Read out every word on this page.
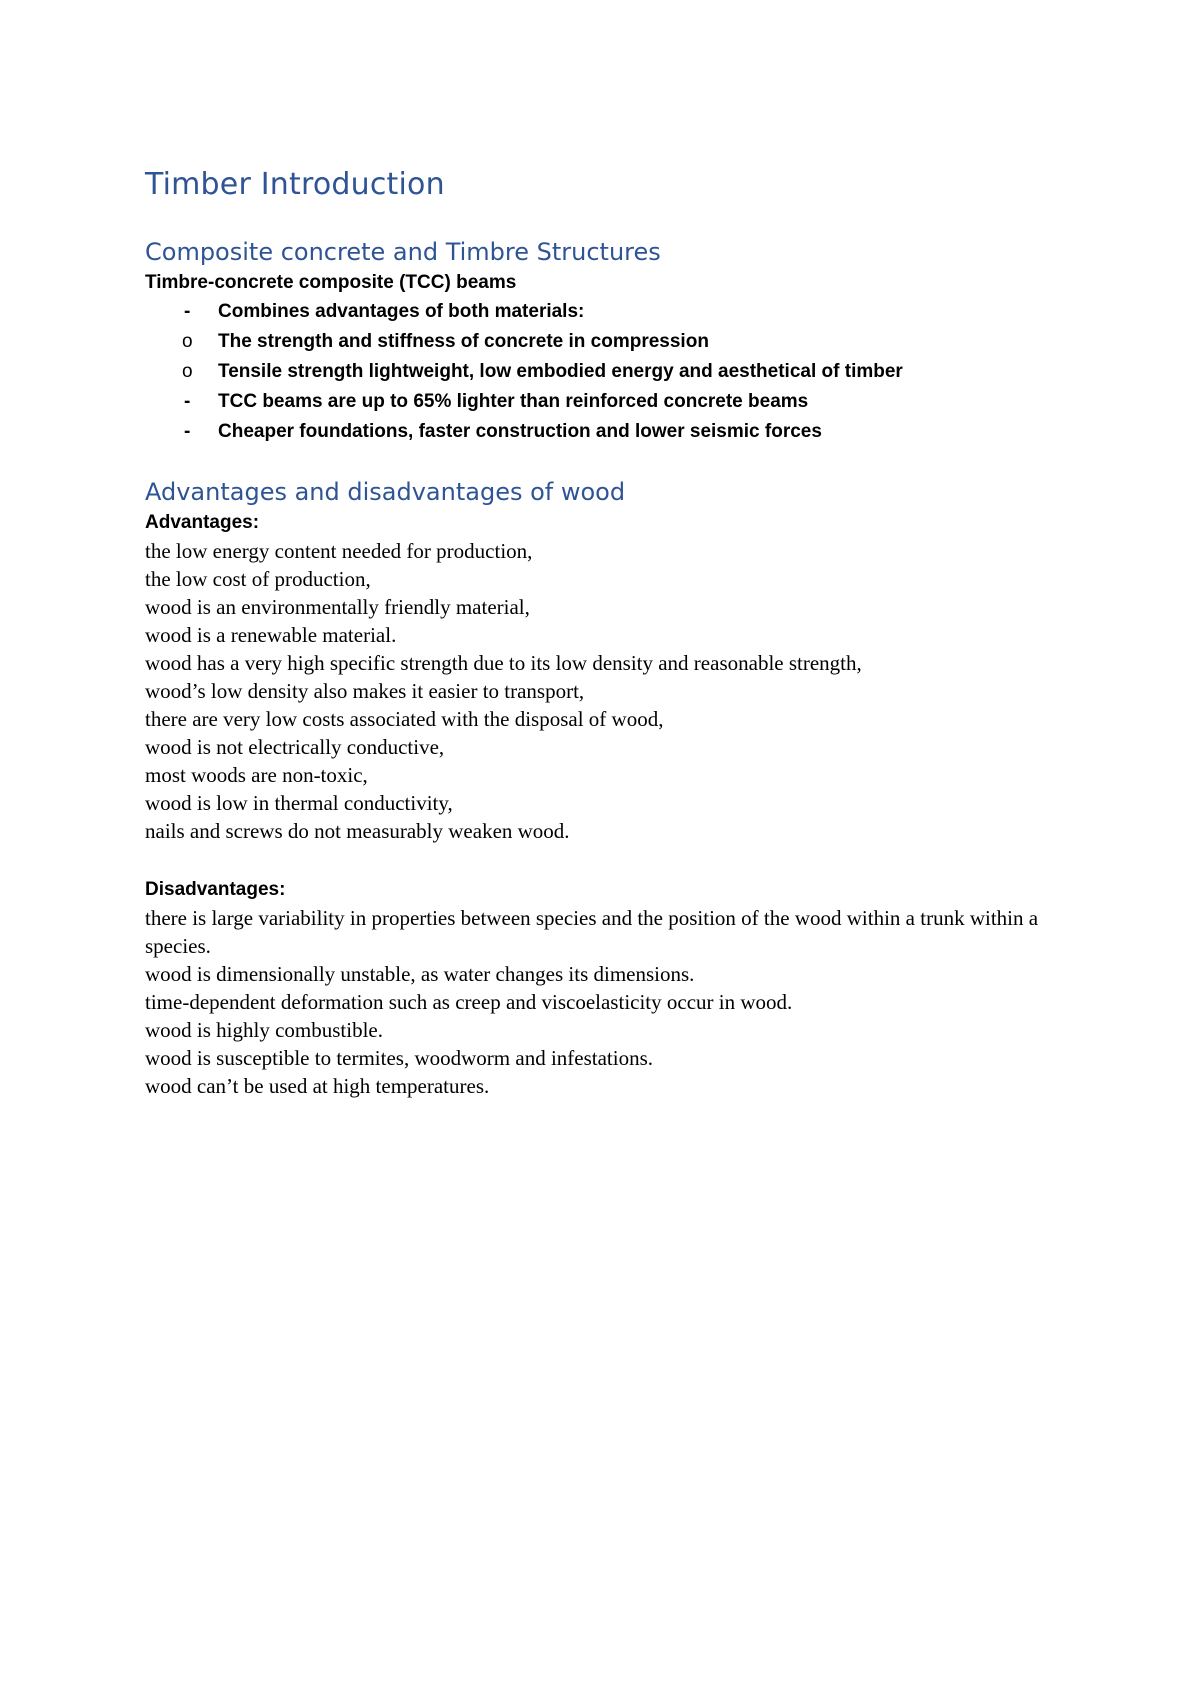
Timber Introduction
Composite concrete and Timbre Structures

Timbre-concrete composite (TCC) beams

- Combines advantages of both materials:
o The strength and stiffness of concrete in compression
o Tensile strength lightweight, low embodied energy and aesthetical of timber
- TCC beams are up to 65% lighter than reinforced concrete beams
- Cheaper foundations, faster construction and lower seismic forces
Advantages and disadvantages of wood

Advantages:

the low energy content needed for production,
the low cost of production,
wood is an environmentally friendly material,
wood is a renewable material.
wood has a very high specific strength due to its low density and reasonable strength,
wood’s low density also makes it easier to transport,
there are very low costs associated with the disposal of wood,
wood is not electrically conductive,
most woods are non-toxic,
wood is low in thermal conductivity,
nails and screws do not measurably weaken wood.

Disadvantages:

there is large variability in properties between species and the position of the wood within a trunk within a species.
wood is dimensionally unstable, as water changes its dimensions.
time-dependent deformation such as creep and viscoelasticity occur in wood.
wood is highly combustible.
wood is susceptible to termites, woodworm and infestations.
wood can’t be used at high temperatures.
